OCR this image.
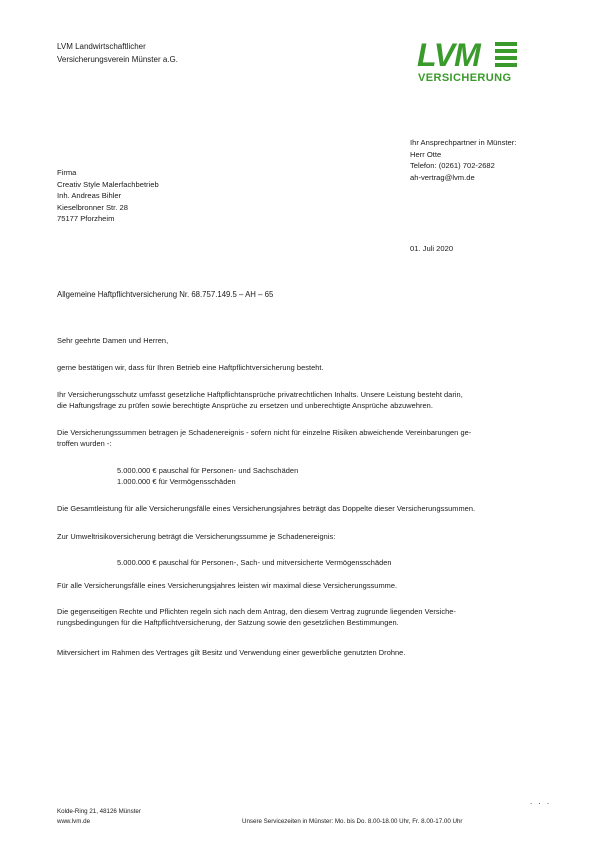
LVM Landwirtschaftlicher
Versicherungsverein Münster a.G.	LVM
VERSICHERUNG
Ihr Ansprechpartner in Münster:
Herr Otte
Telefon: (0261) 702-2682
ah-vertrag@lvm.de
Firma
Creativ Style Malerfachbetrieb
Inh. Andreas Bihler
Kieselbronner Str. 28
75177 Pforzheim
01. Juli 2020
Allgemeine Haftpflichtversicherung Nr. 68.757.149.5 – AH – 65
Sehr geehrte Damen und Herren,
gerne bestätigen wir, dass für Ihren Betrieb eine Haftpflichtversicherung besteht.
Ihr Versicherungsschutz umfasst gesetzliche Haftpflichtansprüche privatrechtlichen Inhalts. Unsere Leistung besteht darin,
die Haftungsfrage zu prüfen sowie berechtigte Ansprüche zu ersetzen und unberechtigte Ansprüche abzuwehren.
Die Versicherungssummen betragen je Schadenereignis - sofern nicht für einzelne Risiken abweichende Vereinbarungen ge-
troffen wurden -:
5.000.000 € pauschal für Personen- und Sachschäden
1.000.000 € für Vermögensschäden
Die Gesamtleistung für alle Versicherungsfälle eines Versicherungsjahres beträgt das Doppelte dieser Versicherungssummen.
Zur Umweltrisikoversicherung beträgt die Versicherungssumme je Schadenereignis:
5.000.000 € pauschal für Personen-, Sach- und mitversicherte Vermögensschäden
Für alle Versicherungsfälle eines Versicherungsjahres leisten wir maximal diese Versicherungssumme.
Die gegenseitigen Rechte und Pflichten regeln sich nach dem Antrag, den diesem Vertrag zugrunde liegenden Versiche-
rungsbedingungen für die Haftpflichtversicherung, der Satzung sowie den gesetzlichen Bestimmungen.
Mitversichert im Rahmen des Vertrages gilt Besitz und Verwendung einer gewerbliche genutzten Drohne.
. . .
Kolde-Ring 21, 48126 Münster
www.lvm.de	Unsere Servicezeiten in Münster: Mo. bis Do. 8.00-18.00 Uhr, Fr. 8.00-17.00 Uhr
